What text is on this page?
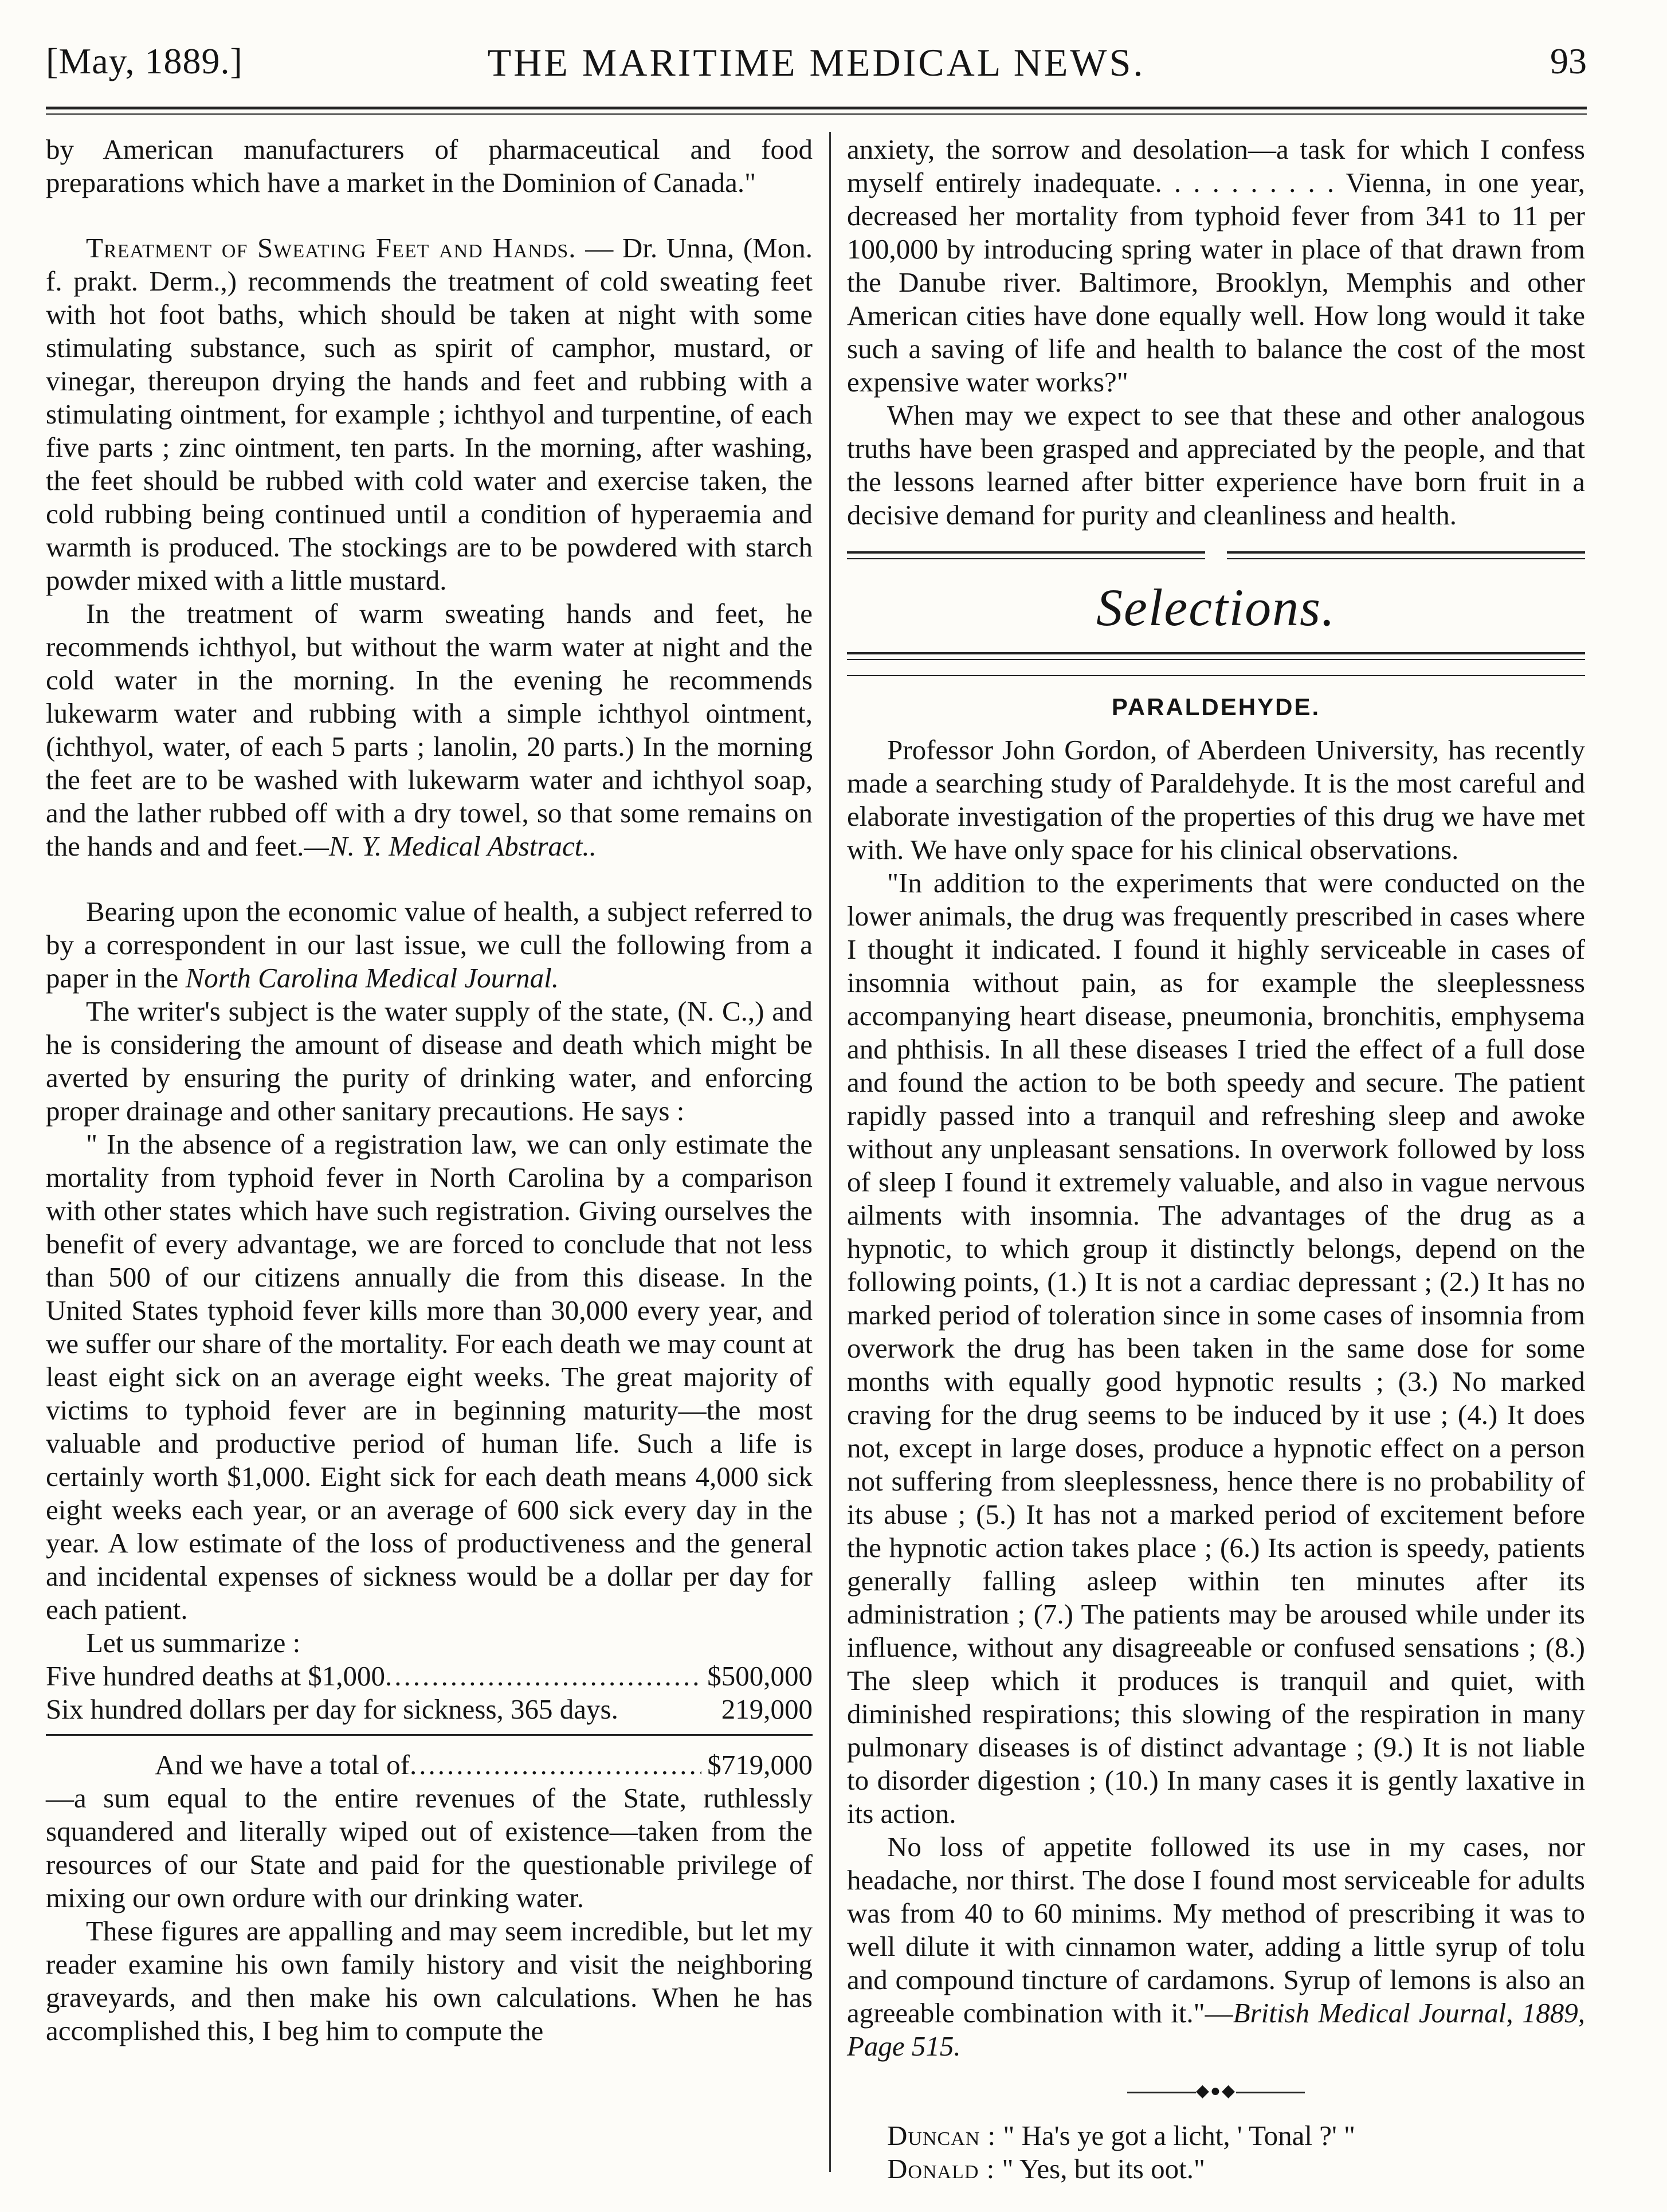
[May, 1889.]	THE MARITIME MEDICAL NEWS.	93

by American manufacturers of pharmaceutical and food preparations which have a market in the Dominion of Canada."

Treatment of Sweating Feet and Hands. — Dr. Unna, (Mon. f. prakt. Derm.,) recommends the treatment of cold sweating feet with hot foot baths, which should be taken at night with some stimulating substance, such as spirit of camphor, mustard, or vinegar, thereupon drying the hands and feet and rubbing with a stimulating ointment, for example ; ichthyol and turpentine, of each five parts ; zinc ointment, ten parts. In the morning, after washing, the feet should be rubbed with cold water and exercise taken, the cold rubbing being continued until a condition of hyperaemia and warmth is produced. The stockings are to be powdered with starch powder mixed with a little mustard.

In the treatment of warm sweating hands and feet, he recommends ichthyol, but without the warm water at night and the cold water in the morning. In the evening he recommends lukewarm water and rubbing with a simple ichthyol ointment, (ichthyol, water, of each 5 parts ; lanolin, 20 parts.) In the morning the feet are to be washed with lukewarm water and ichthyol soap, and the lather rubbed off with a dry towel, so that some remains on the hands and and feet.—N. Y. Medical Abstract..

Bearing upon the economic value of health, a subject referred to by a correspondent in our last issue, we cull the following from a paper in the North Carolina Medical Journal.

The writer's subject is the water supply of the state, (N. C.,) and he is considering the amount of disease and death which might be averted by ensuring the purity of drinking water, and enforcing proper drainage and other sanitary precautions. He says :

" In the absence of a registration law, we can only estimate the mortality from typhoid fever in North Carolina by a comparison with other states which have such registration. Giving ourselves the benefit of every advantage, we are forced to conclude that not less than 500 of our citizens annually die from this disease. In the United States typhoid fever kills more than 30,000 every year, and we suffer our share of the mortality. For each death we may count at least eight sick on an average eight weeks. The great majority of victims to typhoid fever are in beginning maturity—the most valuable and productive period of human life. Such a life is certainly worth $1,000. Eight sick for each death means 4,000 sick eight weeks each year, or an average of 600 sick every day in the year. A low estimate of the loss of productiveness and the general and incidental expenses of sickness would be a dollar per day for each patient.

Let us summarize :

Five hundred deaths at $1,000 .....	$500,000
Six hundred dollars per day for sickness, 365 days.	219,000
And we have a total of .....	$719,000

—a sum equal to the entire revenues of the State, ruthlessly squandered and literally wiped out of existence—taken from the resources of our State and paid for the questionable privilege of mixing our own ordure with our drinking water.

These figures are appalling and may seem incredible, but let my reader examine his own family history and visit the neighboring graveyards, and then make his own calculations. When he has accomplished this, I beg him to compute the

anxiety, the sorrow and desolation—a task for which I confess myself entirely inadequate. . . . . . . . . . Vienna, in one year, decreased her mortality from typhoid fever from 341 to 11 per 100,000 by introducing spring water in place of that drawn from the Danube river. Baltimore, Brooklyn, Memphis and other American cities have done equally well. How long would it take such a saving of life and health to balance the cost of the most expensive water works?"

When may we expect to see that these and other analogous truths have been grasped and appreciated by the people, and that the lessons learned after bitter experience have born fruit in a decisive demand for purity and cleanliness and health.

Selections.
PARALDEHYDE.

Professor John Gordon, of Aberdeen University, has recently made a searching study of Paraldehyde. It is the most careful and elaborate investigation of the properties of this drug we have met with. We have only space for his clinical observations.

"In addition to the experiments that were conducted on the lower animals, the drug was frequently prescribed in cases where I thought it indicated. I found it highly serviceable in cases of insomnia without pain, as for example the sleeplessness accompanying heart disease, pneumonia, bronchitis, emphysema and phthisis. In all these diseases I tried the effect of a full dose and found the action to be both speedy and secure. The patient rapidly passed into a tranquil and refreshing sleep and awoke without any unpleasant sensations. In overwork followed by loss of sleep I found it extremely valuable, and also in vague nervous ailments with insomnia. The advantages of the drug as a hypnotic, to which group it distinctly belongs, depend on the following points, (1.) It is not a cardiac depressant ; (2.) It has no marked period of toleration since in some cases of insomnia from overwork the drug has been taken in the same dose for some months with equally good hypnotic results ; (3.) No marked craving for the drug seems to be induced by it use ; (4.) It does not, except in large doses, produce a hypnotic effect on a person not suffering from sleeplessness, hence there is no probability of its abuse ; (5.) It has not a marked period of excitement before the hypnotic action takes place ; (6.) Its action is speedy, patients generally falling asleep within ten minutes after its administration ; (7.) The patients may be aroused while under its influence, without any disagreeable or confused sensations ; (8.) The sleep which it produces is tranquil and quiet, with diminished respirations; this slowing of the respiration in many pulmonary diseases is of distinct advantage ; (9.) It is not liable to disorder digestion ; (10.) In many cases it is gently laxative in its action.

No loss of appetite followed its use in my cases, nor headache, nor thirst. The dose I found most serviceable for adults was from 40 to 60 minims. My method of prescribing it was to well dilute it with cinnamon water, adding a little syrup of tolu and compound tincture of cardamons. Syrup of lemons is also an agreeable combination with it."—British Medical Journal, 1889, Page 515.

◆●◆

Duncan : " Ha's ye got a licht, ' Tonal ?' "

Donald : " Yes, but its oot."
